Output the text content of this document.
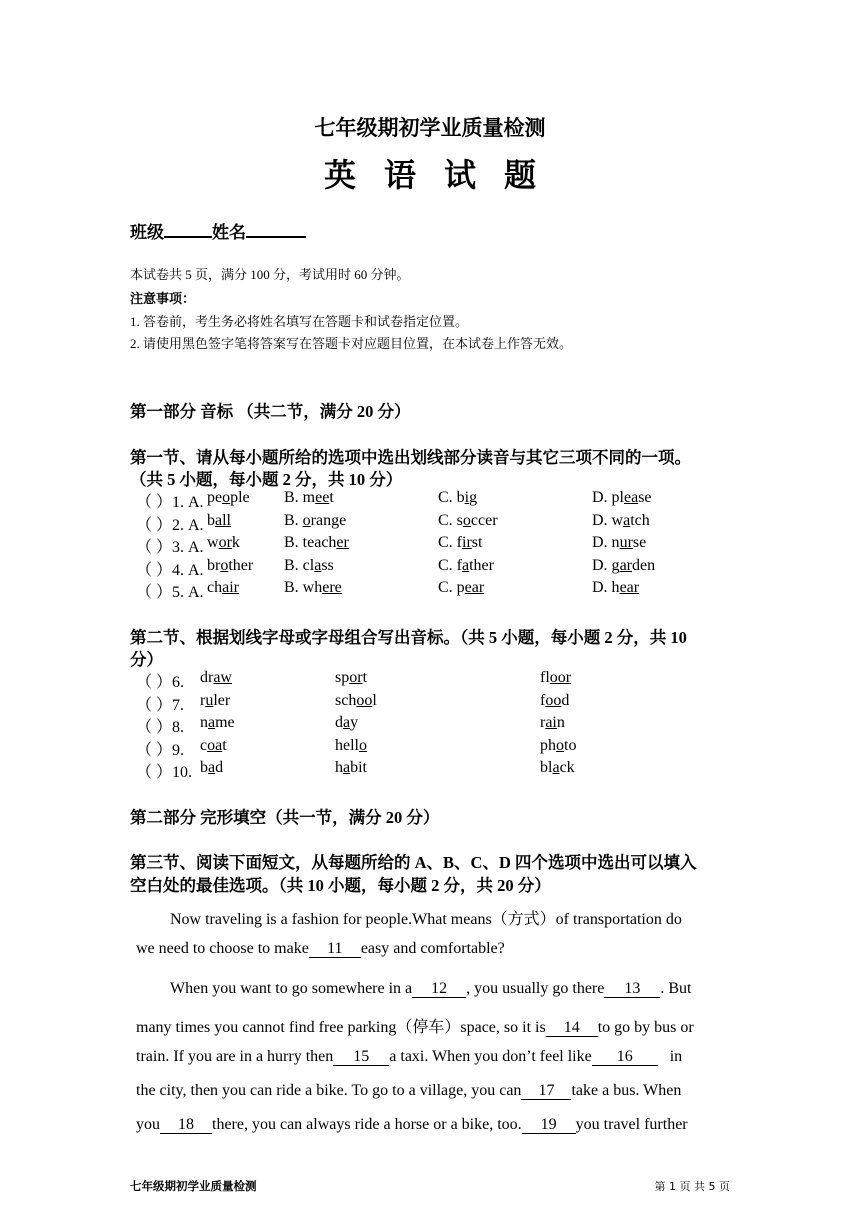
七年级期初学业质量检测
英语试题
班级	姓名
本试卷共 5 页，满分 100 分，考试用时 60 分钟。
注意事项：
1. 答卷前，考生务必将姓名填写在答题卡和试卷指定位置。
2. 请使用黑色签字笔将答案写在答题卡对应题目位置，在本试卷上作答无效。
第一部分 音标 （共二节，满分 20 分）
第一节、请从每小题所给的选项中选出划线部分读音与其它三项不同的一项。
（共 5 小题，每小题 2 分，共 10 分）
（ ）1. A. people B. meet	C. big	D. please
（ ）2. A. ball	B. orange	C. soccer	D. watch
（ ）3. A. work	B. teacher	C. first	D. nurse
（ ）4. A. brother B. class	C. father	D. garden
（ ）5. A. chair	B. where	C. pear	D. hear
第二节、根据划线字母或字母组合写出音标。（共 5 小题，每小题 2 分，共 10
分）
（ ）6. draw	sport	floor
（ ）7. ruler	school	food
（ ）8. name	day	rain
（ ）9. coat	hello	photo
（ ）10. bad	habit	black
第二部分 完形填空（共一节，满分 20 分）
第三节、阅读下面短文，从每题所给的 A、B、C、D 四个选项中选出可以填入
空白处的最佳选项。（共 10 小题，每小题 2 分，共 20 分）
Now traveling is a fashion for people.What means（方式）of transportation do
we need to choose to make 11 easy and comfortable?
When you want to go somewhere in a 12 , you usually go there 13 . But
many times you cannot find free parking（停车）space, so it is 14 to go by bus or
train. If you are in a hurry then 15 a taxi. When you don’t feel like 16 in
the city, then you can ride a bike. To go to a village, you can 17 take a bus. When
you 18 there, you can always ride a horse or a bike, too. 19 you travel further
七年级期初学业质量检测	第 1 页 共 5 页
